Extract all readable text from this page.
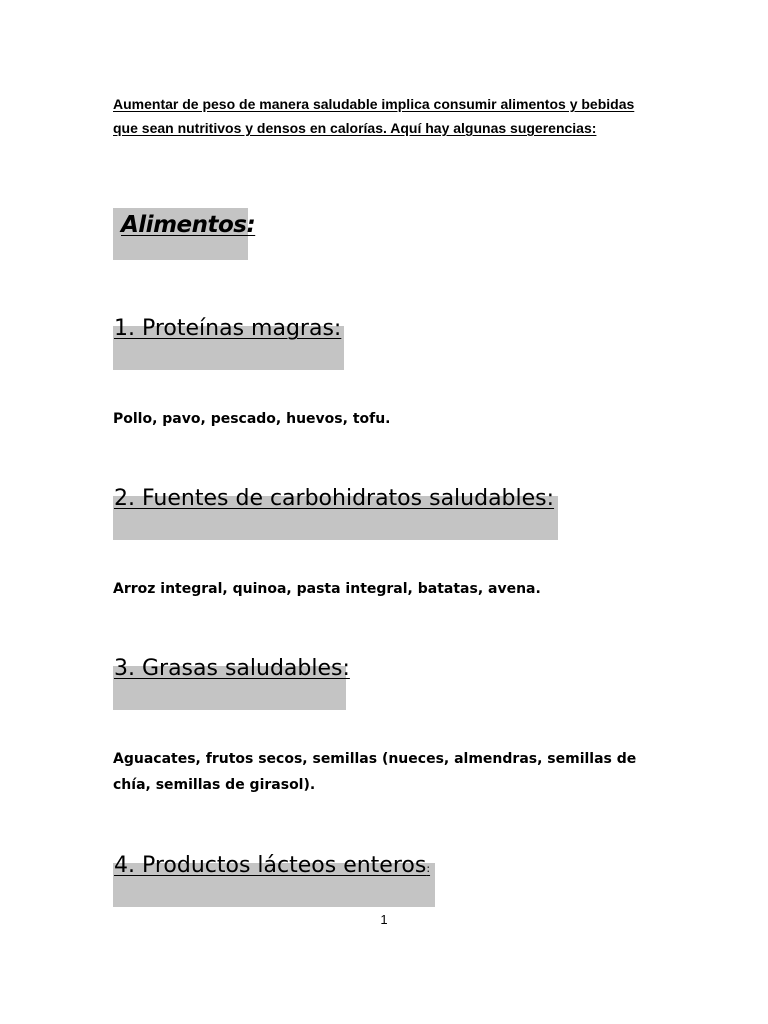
Aumentar de peso de manera saludable implica consumir alimentos y bebidas que sean nutritivos y densos en calorías. Aquí hay algunas sugerencias:

Alimentos:
1. Proteínas magras:

Pollo, pavo, pescado, huevos, tofu.

2. Fuentes de carbohidratos saludables:

Arroz integral, quinoa, pasta integral, batatas, avena.

3. Grasas saludables:

Aguacates, frutos secos, semillas (nueces, almendras, semillas de chía, semillas de girasol).

4. Productos lácteos enteros:
1
